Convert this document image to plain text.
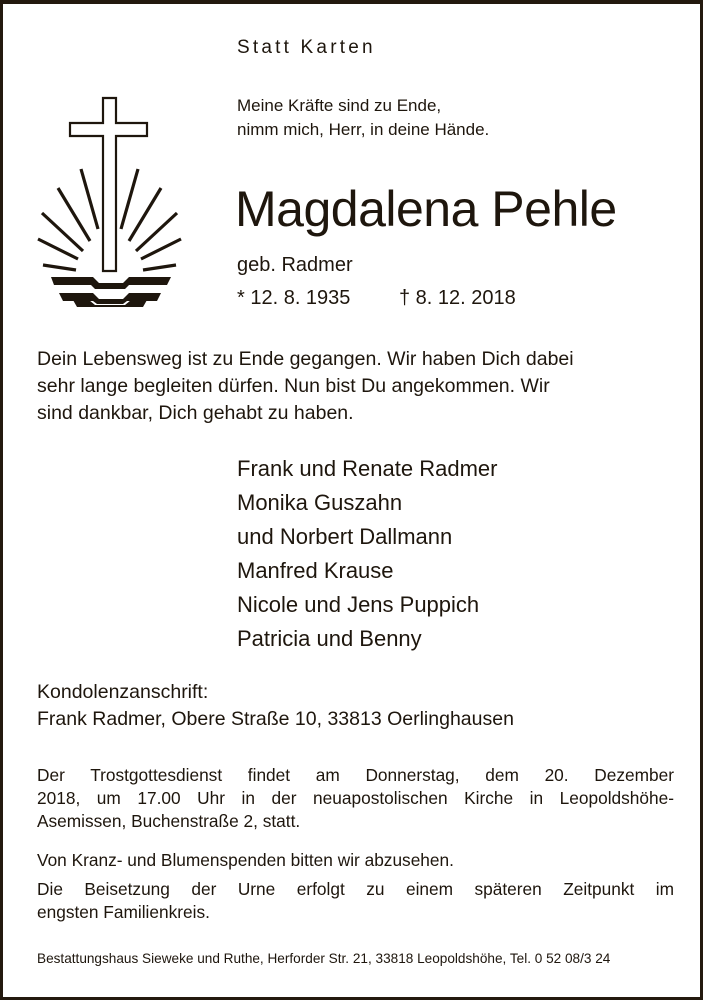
Statt Karten
Meine Kräfte sind zu Ende,
nimm mich, Herr, in deine Hände.
Magdalena Pehle
geb. Radmer
* 12. 8. 1935 † 8. 12. 2018
Dein Lebensweg ist zu Ende gegangen. Wir haben Dich dabei
sehr lange begleiten dürfen. Nun bist Du angekommen. Wir
sind dankbar, Dich gehabt zu haben.
Frank und Renate Radmer
Monika Guszahn
und Norbert Dallmann
Manfred Krause
Nicole und Jens Puppich
Patricia und Benny
Kondolenzanschrift:
Frank Radmer, Obere Straße 10, 33813 Oerlinghausen
Der Trostgottesdienst findet am Donnerstag, dem 20. Dezember
2018, um 17.00 Uhr in der neuapostolischen Kirche in Leopoldshöhe-
Asemissen, Buchenstraße 2, statt.
Von Kranz- und Blumenspenden bitten wir abzusehen.
Die Beisetzung der Urne erfolgt zu einem späteren Zeitpunkt im
engsten Familienkreis.
Bestattungshaus Sieweke und Ruthe, Herforder Str. 21, 33818 Leopoldshöhe, Tel. 0 52 08/3 24
